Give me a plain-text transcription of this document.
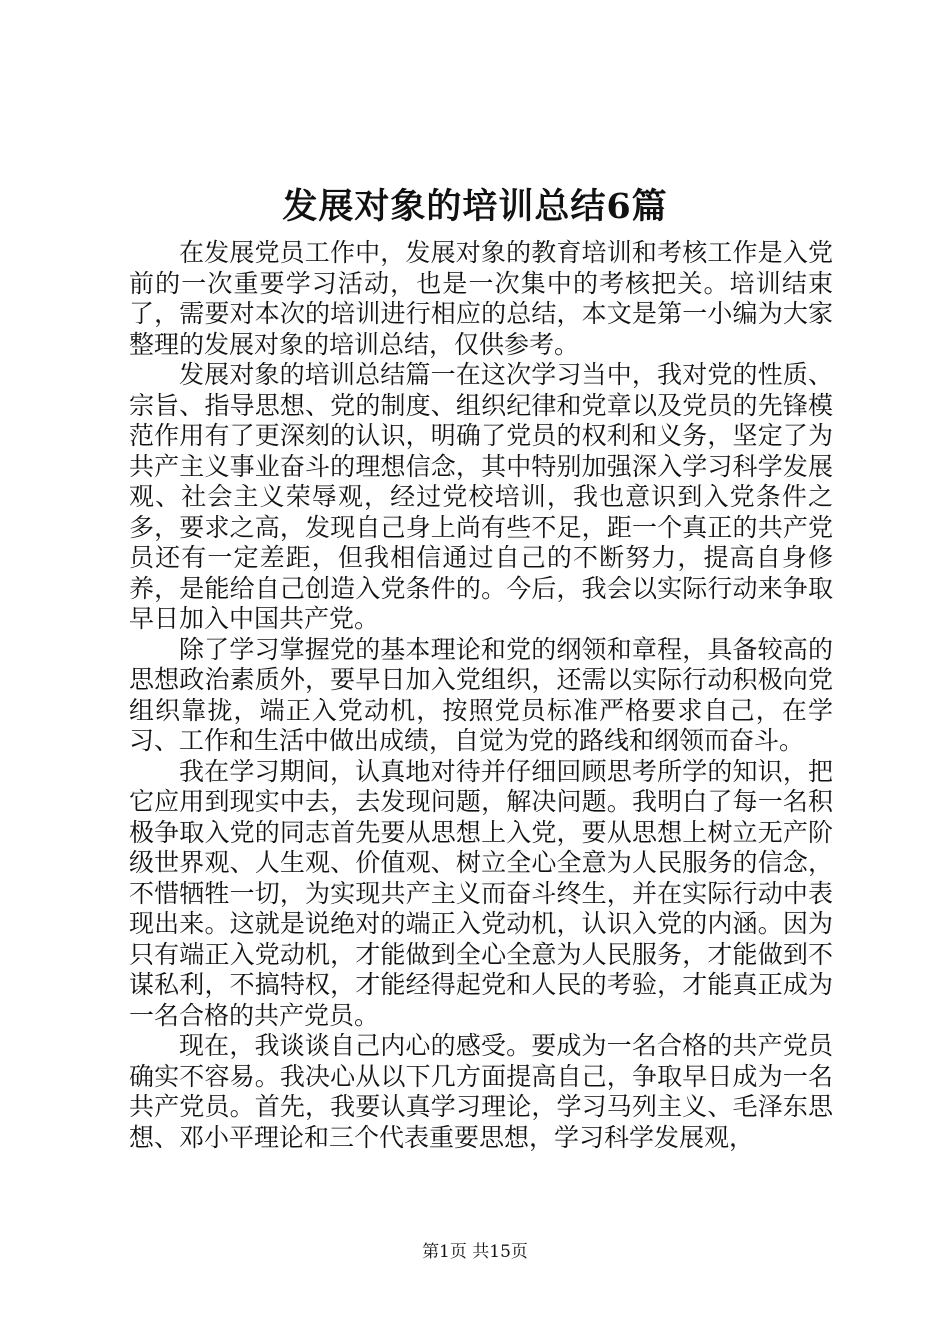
发展对象的培训总结6篇

在发展党员工作中，发展对象的教育培训和考核工作是入党前的一次重要学习活动，也是一次集中的考核把关。培训结束了，需要对本次的培训进行相应的总结，本文是第一小编为大家整理的发展对象的培训总结，仅供参考。

发展对象的培训总结篇一在这次学习当中，我对党的性质、宗旨、指导思想、党的制度、组织纪律和党章以及党员的先锋模范作用有了更深刻的认识，明确了党员的权利和义务，坚定了为共产主义事业奋斗的理想信念，其中特别加强深入学习科学发展观、社会主义荣辱观，经过党校培训，我也意识到入党条件之多，要求之高，发现自己身上尚有些不足，距一个真正的共产党员还有一定差距，但我相信通过自己的不断努力，提高自身修养，是能给自己创造入党条件的。今后，我会以实际行动来争取早日加入中国共产党。

除了学习掌握党的基本理论和党的纲领和章程，具备较高的思想政治素质外，要早日加入党组织，还需以实际行动积极向党组织靠拢，端正入党动机，按照党员标准严格要求自己，在学习、工作和生活中做出成绩，自觉为党的路线和纲领而奋斗。

我在学习期间，认真地对待并仔细回顾思考所学的知识，把它应用到现实中去，去发现问题，解决问题。我明白了每一名积极争取入党的同志首先要从思想上入党，要从思想上树立无产阶级世界观、人生观、价值观、树立全心全意为人民服务的信念，不惜牺牲一切，为实现共产主义而奋斗终生，并在实际行动中表现出来。这就是说绝对的端正入党动机，认识入党的内涵。因为只有端正入党动机，才能做到全心全意为人民服务，才能做到不谋私利，不搞特权，才能经得起党和人民的考验，才能真正成为一名合格的共产党员。

现在，我谈谈自己内心的感受。要成为一名合格的共产党员确实不容易。我决心从以下几方面提高自己，争取早日成为一名共产党员。首先，我要认真学习理论，学习马列主义、毛泽东思想、邓小平理论和三个代表重要思想，学习科学发展观，

第1页 共15页
